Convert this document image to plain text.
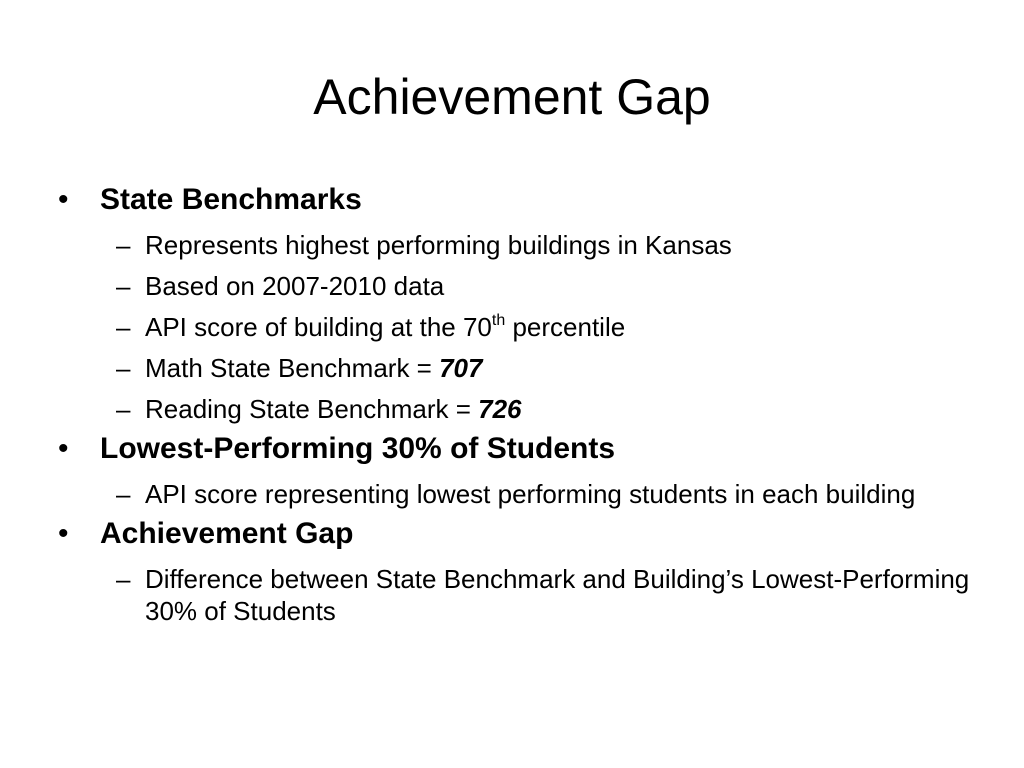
Achievement Gap
• State Benchmarks
– Represents highest performing buildings in Kansas
– Based on 2007-2010 data
– API score of building at the 70th percentile
– Math State Benchmark = 707
– Reading State Benchmark = 726
• Lowest-Performing 30% of Students
– API score representing lowest performing students in each building
• Achievement Gap
– Difference between State Benchmark and Building’s Lowest-Performing 30% of Students
